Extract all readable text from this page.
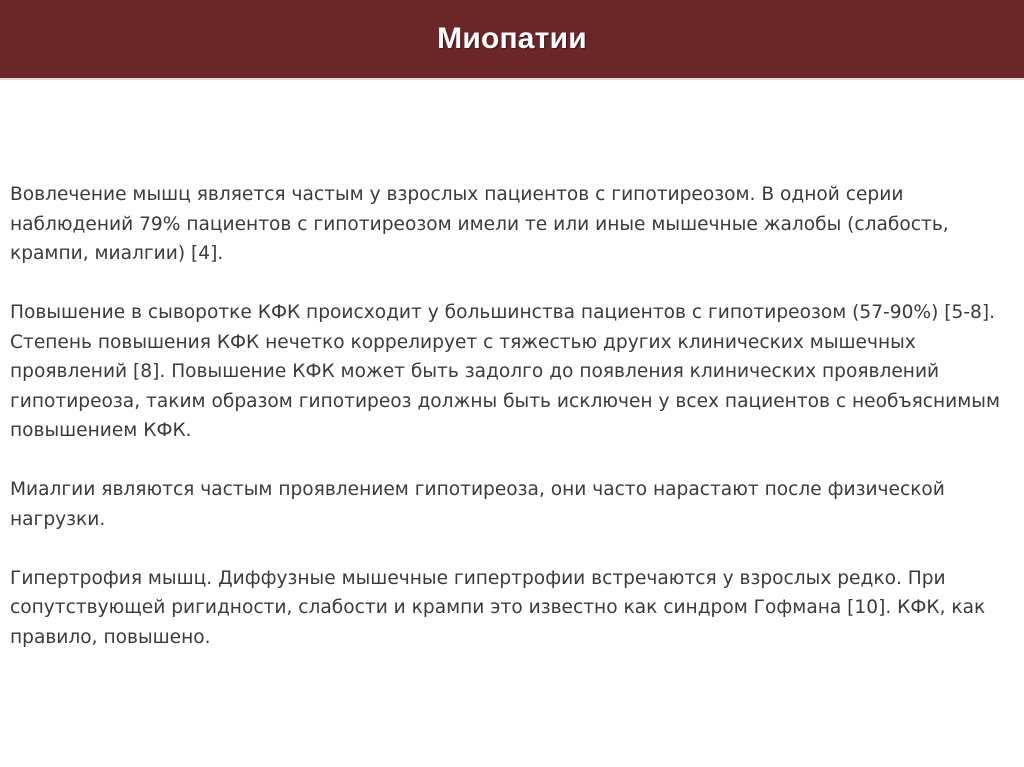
Миопатии

Вовлечение мышц является частым у взрослых пациентов с гипотиреозом. В одной серии наблюдений 79% пациентов с гипотиреозом имели те или иные мышечные жалобы (слабость, крампи, миалгии) [4].

Повышение в сыворотке КФК происходит у большинства пациентов с гипотиреозом (57-90%) [5-8]. Степень повышения КФК нечетко коррелирует с тяжестью других клинических мышечных проявлений [8]. Повышение КФК может быть задолго до появления клинических проявлений гипотиреоза, таким образом гипотиреоз должны быть исключен у всех пациентов с необъяснимым повышением КФК.

Миалгии являются частым проявлением гипотиреоза, они часто нарастают после физической нагрузки.

Гипертрофия мышц. Диффузные мышечные гипертрофии встречаются у взрослых редко. При сопутствующей ригидности, слабости и крампи это известно как синдром Гофмана [10]. КФК, как правило, повышено.
